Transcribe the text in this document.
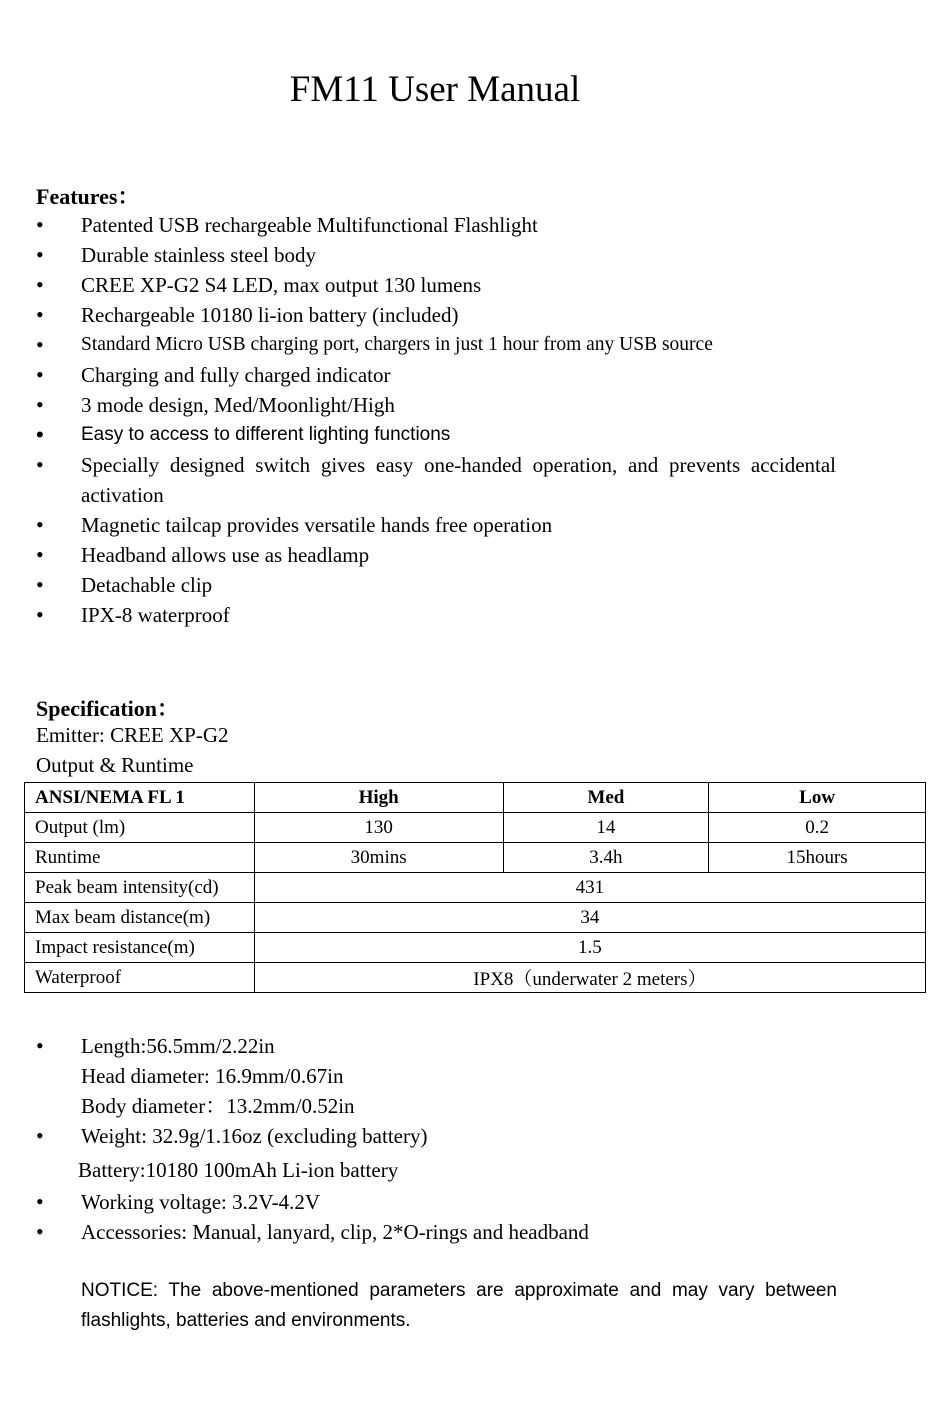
FM11 User Manual
Features：
• Patented USB rechargeable Multifunctional Flashlight
• Durable stainless steel body
• CREE XP-G2 S4 LED, max output 130 lumens
• Rechargeable 10180 li-ion battery (included)
• Standard Micro USB charging port, chargers in just 1 hour from any USB source
• Charging and fully charged indicator
• 3 mode design, Med/Moonlight/High
• Easy to access to different lighting functions
• Specially designed switch gives easy one-handed operation, and prevents accidental activation
• Magnetic tailcap provides versatile hands free operation
• Headband allows use as headlamp
• Detachable clip
• IPX-8 waterproof
Specification：
Emitter: CREE XP-G2
Output & Runtime
ANSI/NEMA FL 1	High	Med	Low
Output (lm)	130	14	0.2
Runtime	30mins	3.4h	15hours
Peak beam intensity(cd)	431		
Max beam distance(m)	34		
Impact resistance(m)	1.5		
Waterproof	IPX8（underwater 2 meters）		
• Length:56.5mm/2.22in
Head diameter: 16.9mm/0.67in
Body diameter：13.2mm/0.52in
• Weight: 32.9g/1.16oz (excluding battery)
Battery:10180 100mAh Li-ion battery
• Working voltage: 3.2V-4.2V
• Accessories: Manual, lanyard, clip, 2*O-rings and headband
NOTICE: The above-mentioned parameters are approximate and may vary between flashlights, batteries and environments.
